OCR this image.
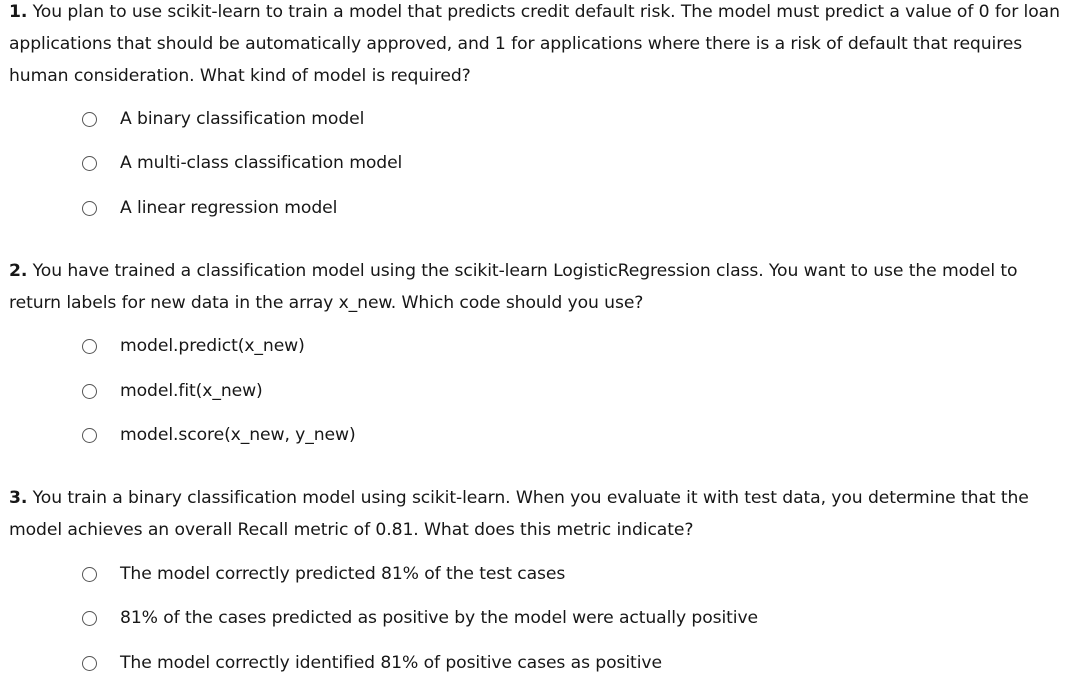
1. You plan to use scikit-learn to train a model that predicts credit default risk. The model must predict a value of 0 for loan applications that should be automatically approved, and 1 for applications where there is a risk of default that requires human consideration. What kind of model is required?

A binary classification model
A multi-class classification model
A linear regression model

2. You have trained a classification model using the scikit-learn LogisticRegression class. You want to use the model to return labels for new data in the array x_new. Which code should you use?

model.predict(x_new)
model.fit(x_new)
model.score(x_new, y_new)

3. You train a binary classification model using scikit-learn. When you evaluate it with test data, you determine that the model achieves an overall Recall metric of 0.81. What does this metric indicate?

The model correctly predicted 81% of the test cases
81% of the cases predicted as positive by the model were actually positive
The model correctly identified 81% of positive cases as positive
